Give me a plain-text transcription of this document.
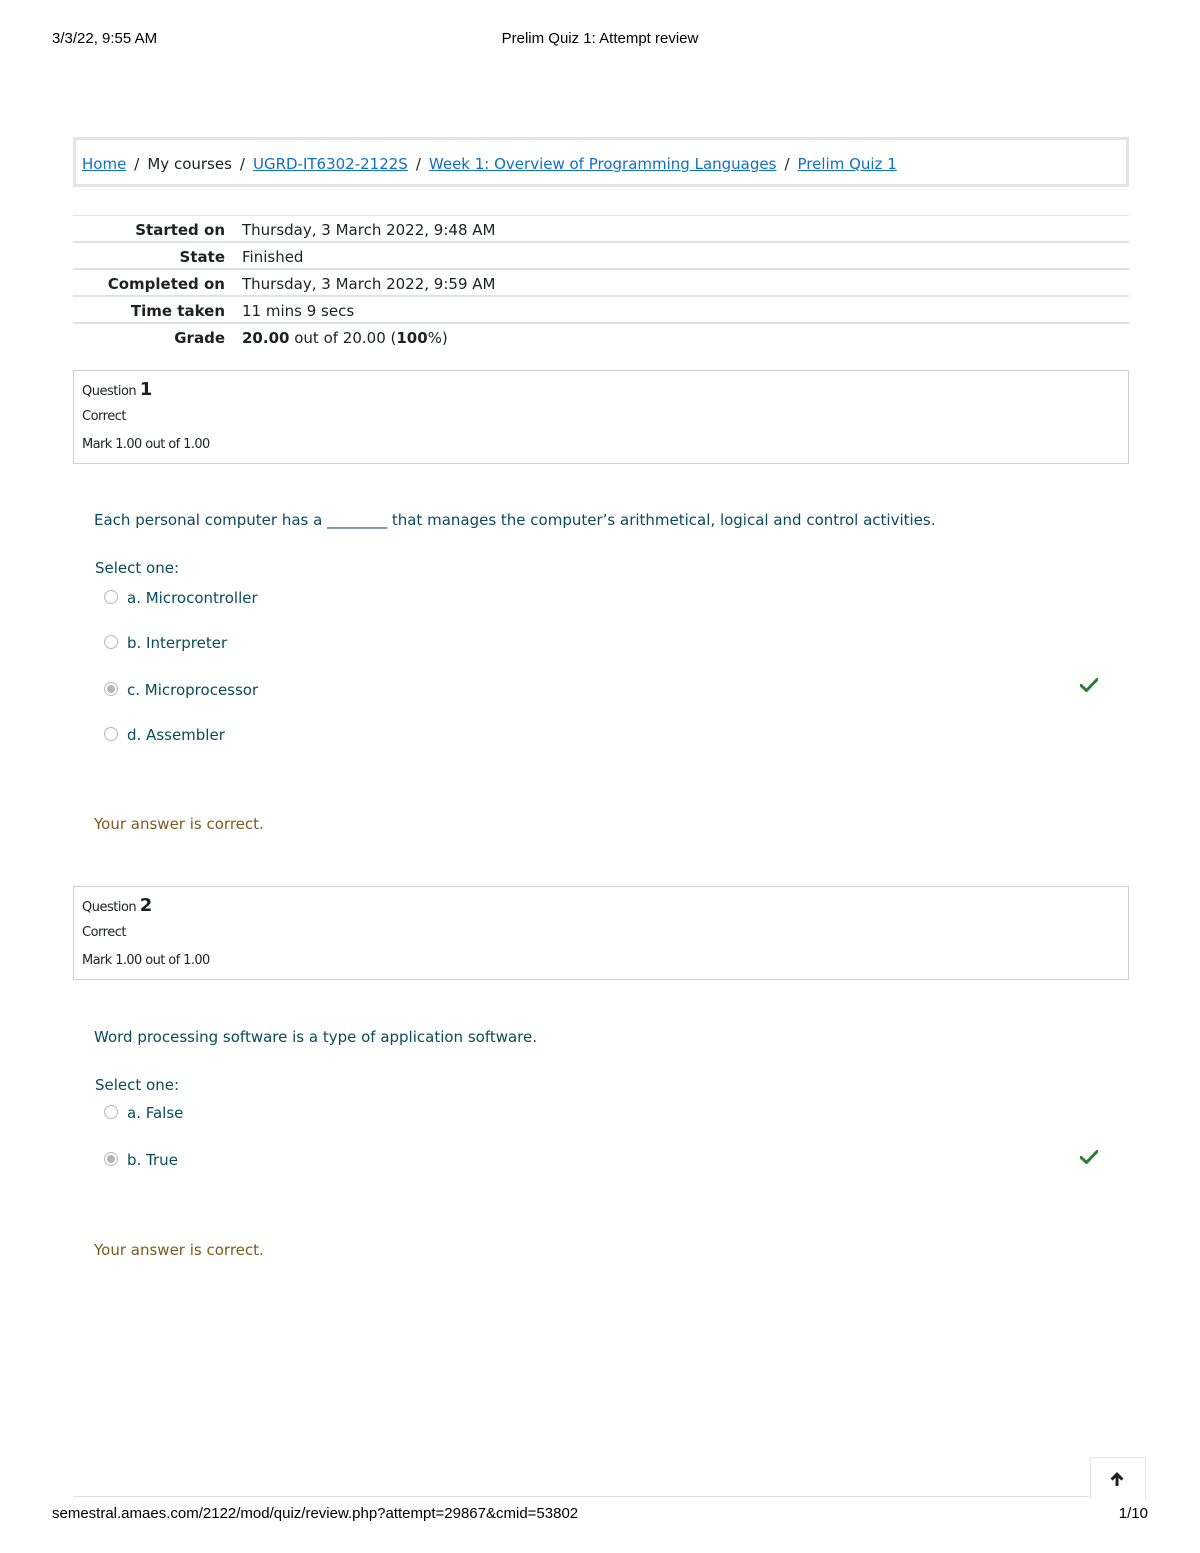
3/3/22, 9:55 AM	Prelim Quiz 1: Attempt review
Home / My courses / UGRD-IT6302-2122S / Week 1: Overview of Programming Languages / Prelim Quiz 1
Started on Thursday, 3 March 2022, 9:48 AM
State Finished
Completed on Thursday, 3 March 2022, 9:59 AM
Time taken 11 mins 9 secs
Grade 20.00 out of 20.00 (100%)
Question 1
Correct
Mark 1.00 out of 1.00
Each personal computer has a ________ that manages the computer’s arithmetical, logical and control activities.
Select one:
a. Microcontroller
b. Interpreter
c. Microprocessor
d. Assembler
Your answer is correct.
Question 2
Correct
Mark 1.00 out of 1.00
Word processing software is a type of application software.
Select one:
a. False
b. True
Your answer is correct.
semestral.amaes.com/2122/mod/quiz/review.php?attempt=29867&cmid=53802	1/10
